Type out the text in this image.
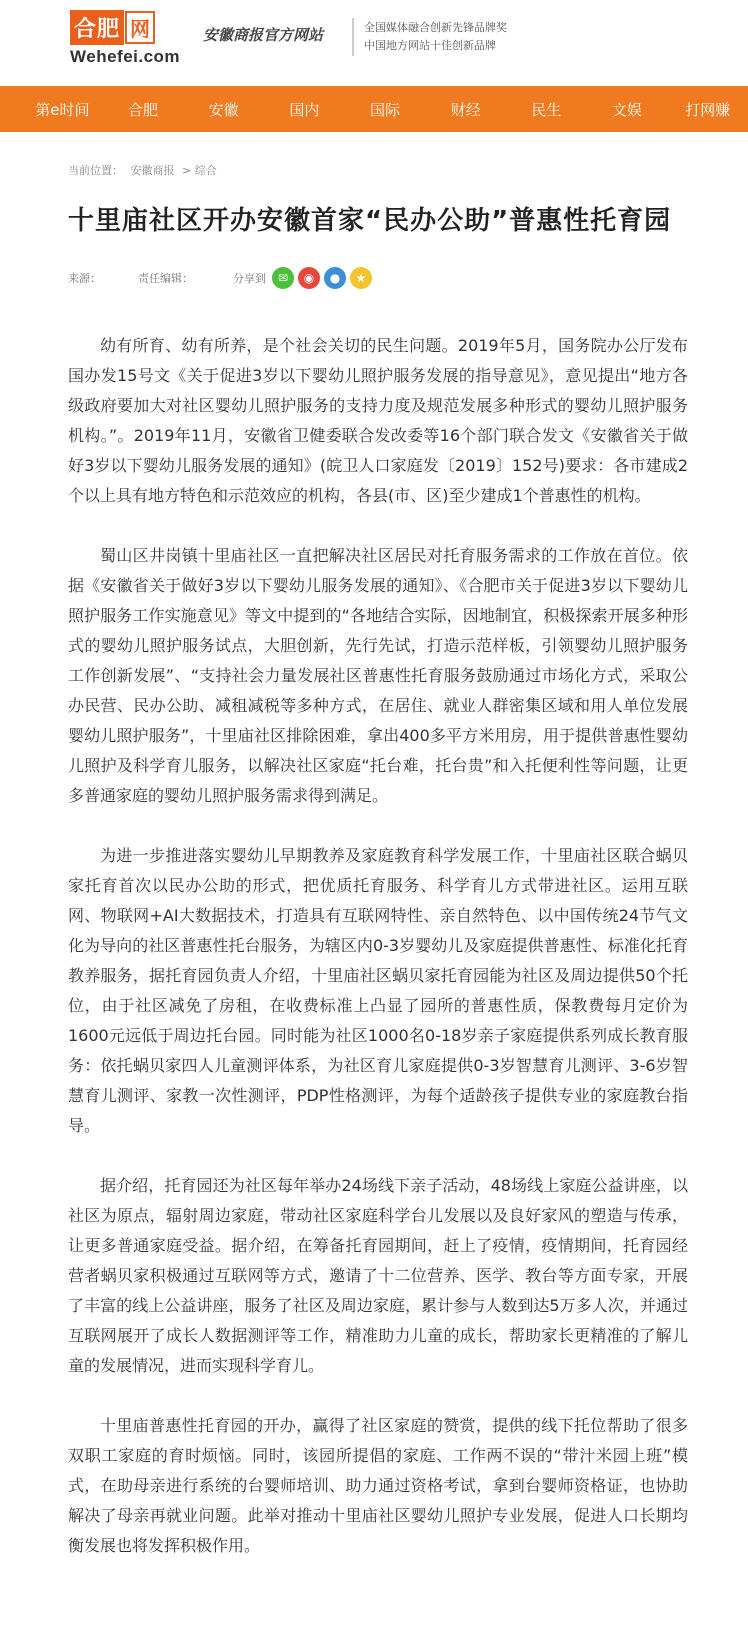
合肥 网
Wehefei.com
安徽商报官方网站	全国媒体融合创新先锋品牌奖
中国地方网站十佳创新品牌
第e时间	合肥	安徽	国内	国际	财经	民生	文娱	打网赚
当前位置： 安徽商报 > 综合
十里庙社区开办安徽首家“民办公助”普惠性托育园
来源：	责任编辑：	分享到 ✉	◉	●	★

幼有所育、幼有所养，是个社会关切的民生问题。2019年5月，国务院办公厅发布国办发15号文《关于促进3岁以下婴幼儿照护服务发展的指导意见》，意见提出“地方各级政府要加大对社区婴幼儿照护服务的支持力度及规范发展多种形式的婴幼儿照护服务机构。”。2019年11月，安徽省卫健委联合发改委等16个部门联合发文《安徽省关于做好3岁以下婴幼儿服务发展的通知》(皖卫人口家庭发〔2019〕152号)要求：各市建成2个以上具有地方特色和示范效应的机构，各县(市、区)至少建成1个普惠性的机构。

蜀山区井岗镇十里庙社区一直把解决社区居民对托育服务需求的工作放在首位。依据《安徽省关于做好3岁以下婴幼儿服务发展的通知》、《合肥市关于促进3岁以下婴幼儿照护服务工作实施意见》等文中提到的“各地结合实际，因地制宜，积极探索开展多种形式的婴幼儿照护服务试点，大胆创新，先行先试，打造示范样板，引领婴幼儿照护服务工作创新发展”、“支持社会力量发展社区普惠性托育服务鼓励通过市场化方式，采取公办民营、民办公助、减租减税等多种方式，在居住、就业人群密集区域和用人单位发展婴幼儿照护服务”，十里庙社区排除困难，拿出400多平方米用房，用于提供普惠性婴幼儿照护及科学育儿服务，以解决社区家庭“托台难，托台贵”和入托便利性等问题，让更多普通家庭的婴幼儿照护服务需求得到满足。

为进一步推进落实婴幼儿早期教养及家庭教育科学发展工作，十里庙社区联合蜗贝家托育首次以民办公助的形式，把优质托育服务、科学育儿方式带进社区。运用互联网、物联网+AI大数据技术，打造具有互联网特性、亲自然特色、以中国传统24节气文化为导向的社区普惠性托台服务，为辖区内0-3岁婴幼儿及家庭提供普惠性、标准化托育教养服务，据托育园负责人介绍，十里庙社区蜗贝家托育园能为社区及周边提供50个托位，由于社区减免了房租，在收费标准上凸显了园所的普惠性质，保教费每月定价为1600元远低于周边托台园。同时能为社区1000名0-18岁亲子家庭提供系列成长教育服务：依托蜗贝家四人儿童测评体系，为社区育儿家庭提供0-3岁智慧育儿测评、3-6岁智慧育儿测评、家教一次性测评，PDP性格测评，为每个适龄孩子提供专业的家庭教台指导。

据介绍，托育园还为社区每年举办24场线下亲子活动，48场线上家庭公益讲座，以社区为原点，辐射周边家庭，带动社区家庭科学台儿发展以及良好家风的塑造与传承，让更多普通家庭受益。据介绍，在筹备托育园期间，赶上了疫情，疫情期间，托育园经营者蜗贝家积极通过互联网等方式，邀请了十二位营养、医学、教台等方面专家，开展了丰富的线上公益讲座，服务了社区及周边家庭，累计参与人数到达5万多人次，并通过互联网展开了成长人数据测评等工作，精准助力儿童的成长，帮助家长更精准的了解儿童的发展情况，进而实现科学育儿。

十里庙普惠性托育园的开办，赢得了社区家庭的赞赏，提供的线下托位帮助了很多双职工家庭的育时烦恼。同时，该园所提倡的家庭、工作两不误的“带汁米园上班”模式，在助母亲进行系统的台婴师培训、助力通过资格考试，拿到台婴师资格证，也协助解决了母亲再就业问题。此举对推动十里庙社区婴幼儿照护专业发展，促进人口长期均衡发展也将发挥积极作用。
